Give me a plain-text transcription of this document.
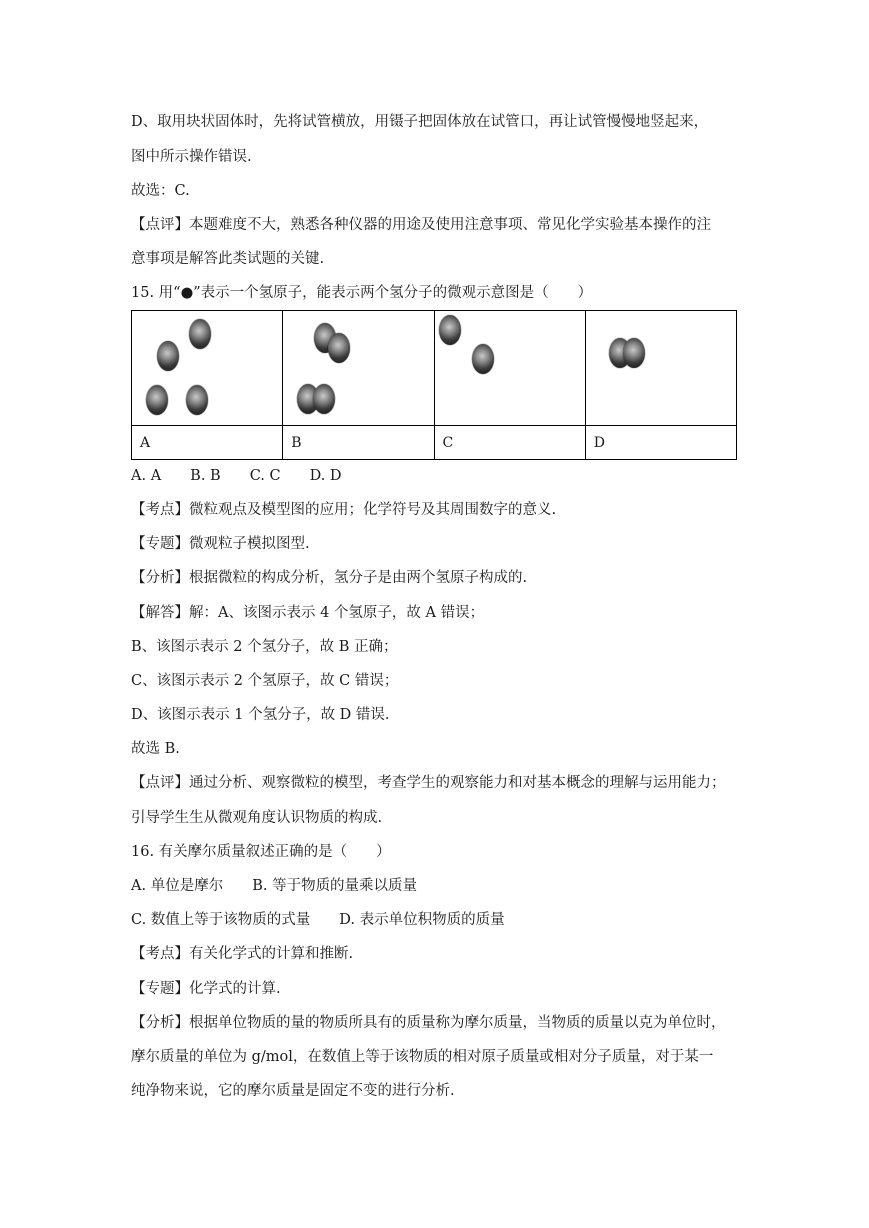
D、取用块状固体时，先将试管横放，用镊子把固体放在试管口，再让试管慢慢地竖起来，
图中所示操作错误.
故选：C.
【点评】本题难度不大，熟悉各种仪器的用途及使用注意事项、常见化学实验基本操作的注
意事项是解答此类试题的关键.
15. 用“●”表示一个氢原子，能表示两个氢分子的微观示意图是（　　）

A	B	C	D
A. A　　B. B　　C. C　　D. D
【考点】微粒观点及模型图的应用；化学符号及其周围数字的意义.
【专题】微观粒子模拟图型.
【分析】根据微粒的构成分析，氢分子是由两个氢原子构成的.
【解答】解：A、该图示表示 4 个氢原子，故 A 错误；
B、该图示表示 2 个氢分子，故 B 正确；
C、该图示表示 2 个氢原子，故 C 错误；
D、该图示表示 1 个氢分子，故 D 错误.
故选 B.
【点评】通过分析、观察微粒的模型，考查学生的观察能力和对基本概念的理解与运用能力；
引导学生生从微观角度认识物质的构成.
16. 有关摩尔质量叙述正确的是（　　）
A. 单位是摩尔　　B. 等于物质的量乘以质量
C. 数值上等于该物质的式量　　D. 表示单位积物质的质量
【考点】有关化学式的计算和推断.
【专题】化学式的计算.
【分析】根据单位物质的量的物质所具有的质量称为摩尔质量，当物质的质量以克为单位时，
摩尔质量的单位为 g/mol，在数值上等于该物质的相对原子质量或相对分子质量，对于某一
纯净物来说，它的摩尔质量是固定不变的进行分析.
